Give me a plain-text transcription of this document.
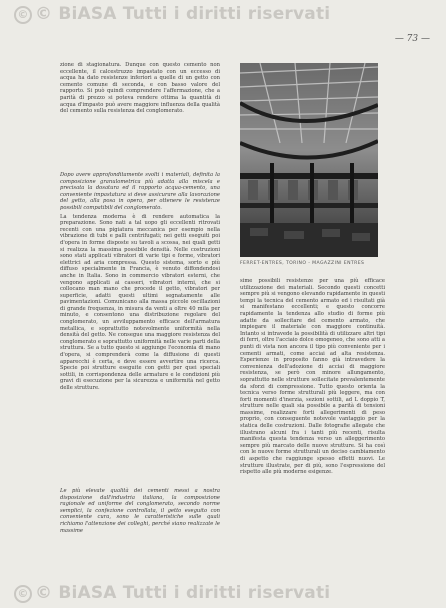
© © BiASA Tutti i diritti riservati
— 73 —

zione di stagionatura. Dunque con questo cemento non eccellente, il calcestruzzo impastato con un eccesso di acqua ha dato resistenze inferiori a quelle di un getto con cemento comune di seconda, e con basso valore del rapporto. Si può quindi comprendere l'affermazione, che a parità di prezzo si poteva rendere ottima la quantità di acqua d'impasto può avere maggiore influenza della qualità del cemento sulla resistenza del conglomerato.

Dopo avere approfonditamente svolti i materiali, definita la composizione granulometrica più adatta alla miscela e precisata la dosatura ed il rapporto acqua-cemento, una conveniente impastatura si deve assicurare alla lavorazione del getto, alla posa in opera, per ottenere le resistenze possibili compatibili del conglomerato.

La tendenza moderna è di rendere automatica la preparazione. Sono nati a tal uopo gli eccellenti ritrovati recenti con una pigiatura meccanica per esempio nella vibrazione di tubi e palli centrifugati; nei getti eseguiti poi d'opera in forme disposte su tavoli a scossa, nei quali getti si realizza la massima possibile densità. Nelle costruzioni sono stati applicati vibratori di varie tipi e forme, vibratori elettrici ad aria compressa. Questo sistema, sorto e più diffuso specialmente in Francia, è venuto diffondendosi anche in Italia. Sono in commercio vibratori esterni, che vengono applicati ai casseri, vibratori interni, che si collocano man mano che procede il getto, vibratori per superficie, adatti questi ultimi segnatamente alle pavimentazioni. Comunicano alla massa piccole oscillazioni di grande frequenza, in misura da venti a oltre 40 mila per minuto, e consentono una distribuzione regolare del conglomerato, un avviluppamento efficace dell'armatura metallica, e soprattutto notevolmente uniformità nella densità del getto. Ne consegue una maggiore resistenza del conglomerato e soprattutto uniformità nelle varie parti della struttura. Se a tutto questo si aggiunge l'economia di mano d'opera, si comprenderà come la diffusione di questi apparecchi è certa, e deve essere avvertire una ricerca. Specie poi strutture eseguite con getti per quei speciali sottili, in corrispondenza delle armature e le condizioni più gravi di esecuzione per la sicurezza e uniformità nel getto delle strutture.

Le più elevate qualità dei cementi messi a nostra disposizione dall'industria italiana, la composizione ragionale ed uniforme del conglomerato, secondo norme semplici, la confezione controllata, il getto eseguito con conveniente cura, sono le caratteristiche sulle quali richiamo l'attenzione dei colleghi, perché siano realizzate le massime

FERRET-ENTRES, TORINO - MAGAZZINI ENTRES

sime possibili resistenze per una più efficace utilizzazione dei materiali. Secondo questi concetti sempre più si vengono elevando rapidamente in questi tempi la tecnica del cemento armato ed i risultati già si manifestano eccellenti; e questo concorre rapidamente la tendenza allo studio di forme più adatte da sollecitare del cemento armato, che impiegare il materiale con maggiore continuità. Intanto si intravede la possibilità di utilizzare altri tipi di ferri, oltre l'acciaio dolce omogeneo, che sono atti a punti di vista non ancora il tipo più conveniente per i cementi armati, come acciai ad alta resistenza. Esperienze in proposito fanno già intravedere la convenienza dell'adozione di acciai di maggiore resistenza, se però con minore allungamento, soprattutto nelle strutture sollecitate prevalentemente da sforzi di compressione. Tutto questo orienta la tecnica verso forme strutturali più leggere, ma con forti momenti d'inerzia, sezioni sottili, ad L doppio T, strutture nelle quali sia possibile a parità di tensioni massime, realizzare forti allegerimenti di peso proprio, con conseguente notevole vantaggio per la statica delle costruzioni. Dalle fotografie allegate che illustrano alcuni fra i tanti più recenti, risulta manifesta questa tendenza verso un alleggerimento sempre più marcato delle nuove strutture. Si ha così con le nuove forme strutturali un deciso cambiamento di aspetto che raggiunge spesso effetti nuovi. Le strutture illustrate, per di più, sono l'espressione del rispetto alle più moderne esigenze.

© © BiASA Tutti i diritti riservati
